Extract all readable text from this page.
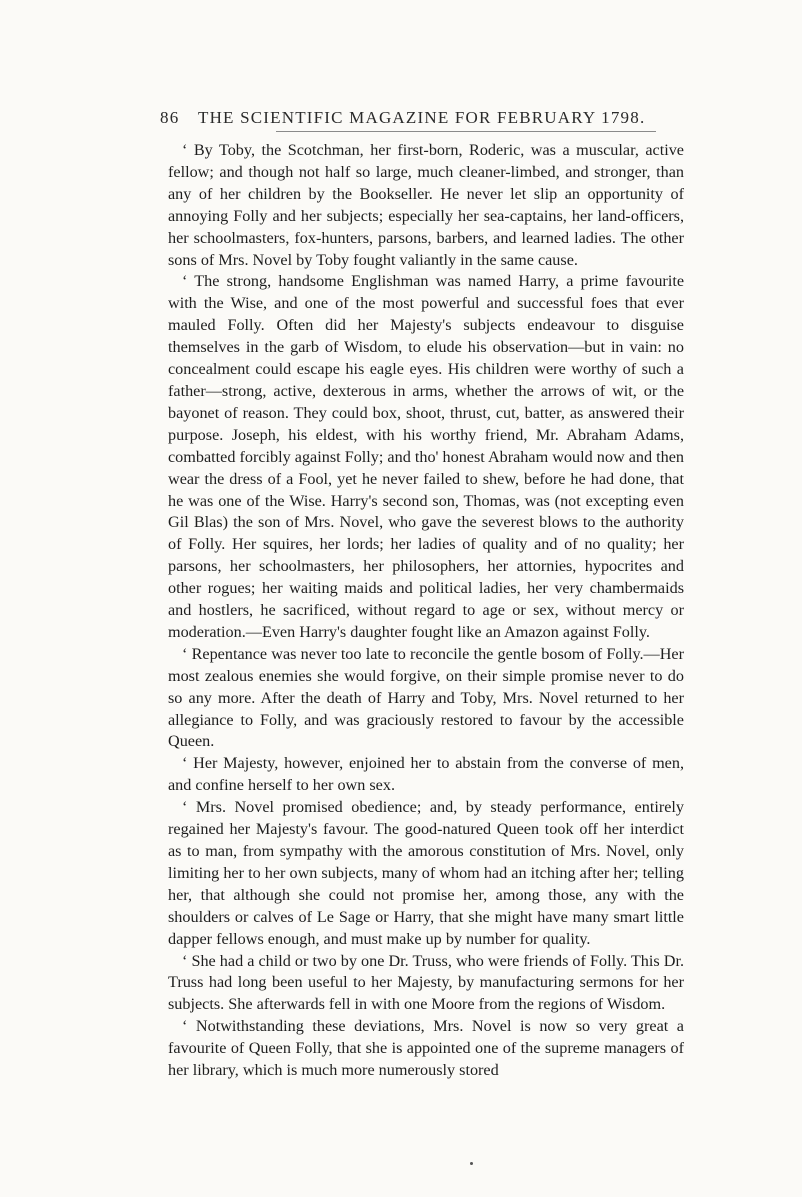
86 THE SCIENTIFIC MAGAZINE FOR FEBRUARY 1798.

‘ By Toby, the Scotchman, her first-born, Roderic, was a muscular, active fellow; and though not half so large, much cleaner-limbed, and stronger, than any of her children by the Bookseller. He never let slip an opportunity of annoying Folly and her subjects; especially her sea-captains, her land-officers, her schoolmasters, fox-hunters, parsons, barbers, and learned ladies. The other sons of Mrs. Novel by Toby fought valiantly in the same cause.

‘ The strong, handsome Englishman was named Harry, a prime favourite with the Wise, and one of the most powerful and successful foes that ever mauled Folly. Often did her Majesty's subjects endeavour to disguise themselves in the garb of Wisdom, to elude his observation—but in vain: no concealment could escape his eagle eyes. His children were worthy of such a father—strong, active, dexterous in arms, whether the arrows of wit, or the bayonet of reason. They could box, shoot, thrust, cut, batter, as answered their purpose. Joseph, his eldest, with his worthy friend, Mr. Abraham Adams, combatted forcibly against Folly; and tho' honest Abraham would now and then wear the dress of a Fool, yet he never failed to shew, before he had done, that he was one of the Wise. Harry's second son, Thomas, was (not excepting even Gil Blas) the son of Mrs. Novel, who gave the severest blows to the authority of Folly. Her squires, her lords; her ladies of quality and of no quality; her parsons, her schoolmasters, her philosophers, her attornies, hypocrites and other rogues; her waiting maids and political ladies, her very chambermaids and hostlers, he sacrificed, without regard to age or sex, without mercy or moderation.—Even Harry's daughter fought like an Amazon against Folly.

‘ Repentance was never too late to reconcile the gentle bosom of Folly.—Her most zealous enemies she would forgive, on their simple promise never to do so any more. After the death of Harry and Toby, Mrs. Novel returned to her allegiance to Folly, and was graciously restored to favour by the accessible Queen.

‘ Her Majesty, however, enjoined her to abstain from the converse of men, and confine herself to her own sex.

‘ Mrs. Novel promised obedience; and, by steady performance, entirely regained her Majesty's favour. The good-natured Queen took off her interdict as to man, from sympathy with the amorous constitution of Mrs. Novel, only limiting her to her own subjects, many of whom had an itching after her; telling her, that although she could not promise her, among those, any with the shoulders or calves of Le Sage or Harry, that she might have many smart little dapper fellows enough, and must make up by number for quality.

‘ She had a child or two by one Dr. Truss, who were friends of Folly. This Dr. Truss had long been useful to her Majesty, by manufacturing sermons for her subjects. She afterwards fell in with one Moore from the regions of Wisdom.

‘ Notwithstanding these deviations, Mrs. Novel is now so very great a favourite of Queen Folly, that she is appointed one of the supreme managers of her library, which is much more numerously stored
